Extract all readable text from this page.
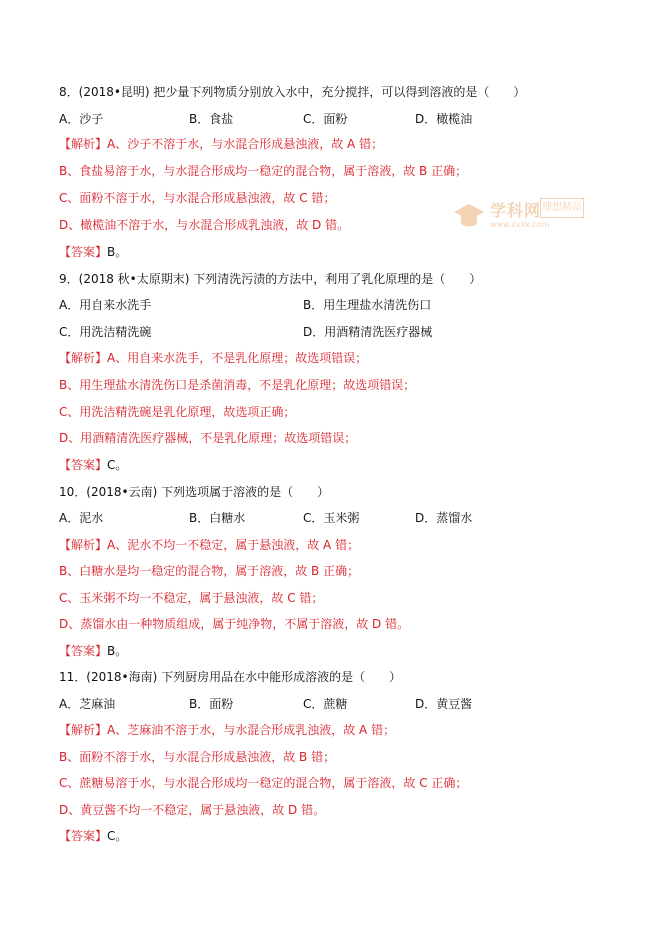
8．(2018•昆明) 把少量下列物质分别放入水中，充分搅拌，可以得到溶液的是（　　）
A．沙子	B．食盐	C．面粉	D．橄榄油
【解析】A、沙子不溶于水，与水混合形成悬浊液，故 A 错；
B、食盐易溶于水，与水混合形成均一稳定的混合物，属于溶液，故 B 正确；
C、面粉不溶于水，与水混合形成悬浊液，故 C 错；
D、橄榄油不溶于水，与水混合形成乳浊液，故 D 错。
【答案】B。
学科网 理想精品
www.zxxk.com
9．(2018 秋•太原期末) 下列清洗污渍的方法中，利用了乳化原理的是（　　）
A．用自来水洗手	B．用生理盐水清洗伤口
C．用洗洁精洗碗	D．用酒精清洗医疗器械
【解析】A、用自来水洗手，不是乳化原理；故选项错误；
B、用生理盐水清洗伤口是杀菌消毒，不是乳化原理；故选项错误；
C、用洗洁精洗碗是乳化原理，故选项正确；
D、用酒精清洗医疗器械，不是乳化原理；故选项错误；
【答案】C。
10．(2018•云南) 下列选项属于溶液的是（　　）
A．泥水	B．白糖水	C．玉米粥	D．蒸馏水
【解析】A、泥水不均一不稳定，属于悬浊液，故 A 错；
B、白糖水是均一稳定的混合物，属于溶液，故 B 正确；
C、玉米粥不均一不稳定，属于悬浊液，故 C 错；
D、蒸馏水由一种物质组成，属于纯净物，不属于溶液，故 D 错。
【答案】B。
11．(2018•海南) 下列厨房用品在水中能形成溶液的是（　　）
A．芝麻油	B．面粉	C．蔗糖	D．黄豆酱
【解析】A、芝麻油不溶于水，与水混合形成乳浊液，故 A 错；
B、面粉不溶于水，与水混合形成悬浊液，故 B 错；
C、蔗糖易溶于水，与水混合形成均一稳定的混合物，属于溶液，故 C 正确；
D、黄豆酱不均一不稳定，属于悬浊液，故 D 错。
【答案】C。
